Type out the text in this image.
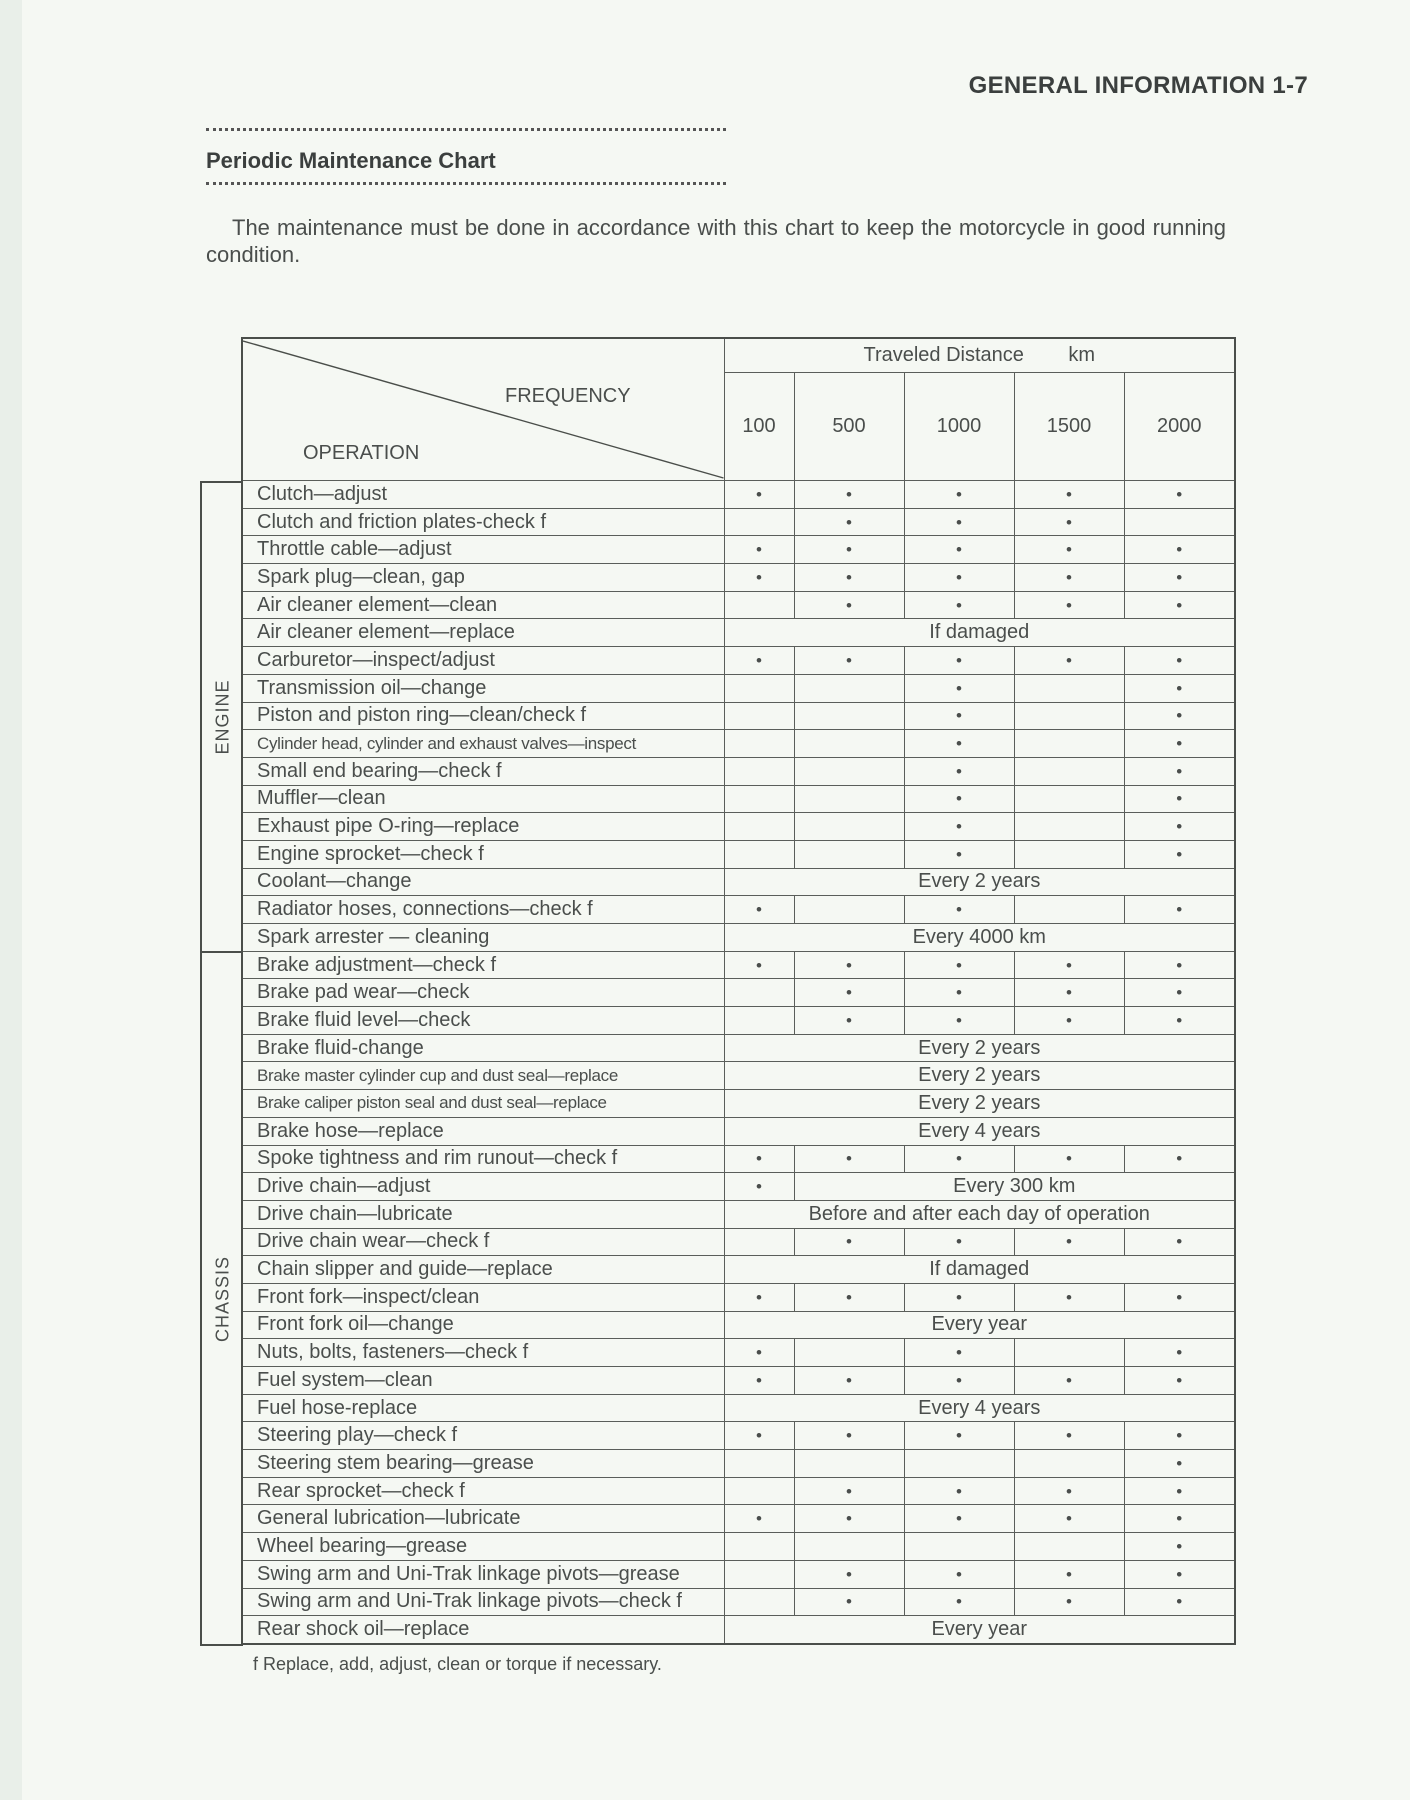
GENERAL INFORMATION 1-7
Periodic Maintenance Chart
The maintenance must be done in accordance with this chart to keep the motorcycle in good running condition.
FREQUENCY
OPERATION	Traveled Distance        km				
	100	500	1000	1500	2000
Clutch—adjust	•	•	•	•	•
Clutch and friction plates-check f		•	•	•	
Throttle cable—adjust	•	•	•	•	•
Spark plug—clean, gap	•	•	•	•	•
Air cleaner element—clean		•	•	•	•
Air cleaner element—replace	If damaged				
Carburetor—inspect/adjust	•	•	•	•	•
Transmission oil—change			•		•
Piston and piston ring—clean/check f			•		•
Cylinder head, cylinder and exhaust valves—inspect			•		•
Small end bearing—check f			•		•
Muffler—clean			•		•
Exhaust pipe O-ring—replace			•		•
Engine sprocket—check f			•		•
Coolant—change	Every 2 years				
Radiator hoses, connections—check f	•		•		•
Spark arrester — cleaning	Every 4000 km				
Brake adjustment—check f	•	•	•	•	•
Brake pad wear—check		•	•	•	•
Brake fluid level—check		•	•	•	•
Brake fluid-change	Every 2 years				
Brake master cylinder cup and dust seal—replace	Every 2 years				
Brake caliper piston seal and dust seal—replace	Every 2 years				
Brake hose—replace	Every 4 years				
Spoke tightness and rim runout—check f	•	•	•	•	•
Drive chain—adjust	•	Every 300 km			
Drive chain—lubricate	Before and after each day of operation				
Drive chain wear—check f		•	•	•	•
Chain slipper and guide—replace	If damaged				
Front fork—inspect/clean	•	•	•	•	•
Front fork oil—change	Every year				
Nuts, bolts, fasteners—check f	•		•		•
Fuel system—clean	•	•	•	•	•
Fuel hose-replace	Every 4 years				
Steering play—check f	•	•	•	•	•
Steering stem bearing—grease					•
Rear sprocket—check f		•	•	•	•
General lubrication—lubricate	•	•	•	•	•
Wheel bearing—grease					•
Swing arm and Uni-Trak linkage pivots—grease		•	•	•	•
Swing arm and Uni-Trak linkage pivots—check f		•	•	•	•
Rear shock oil—replace	Every year				
ENGINE
CHASSIS
f Replace, add, adjust, clean or torque if necessary.
